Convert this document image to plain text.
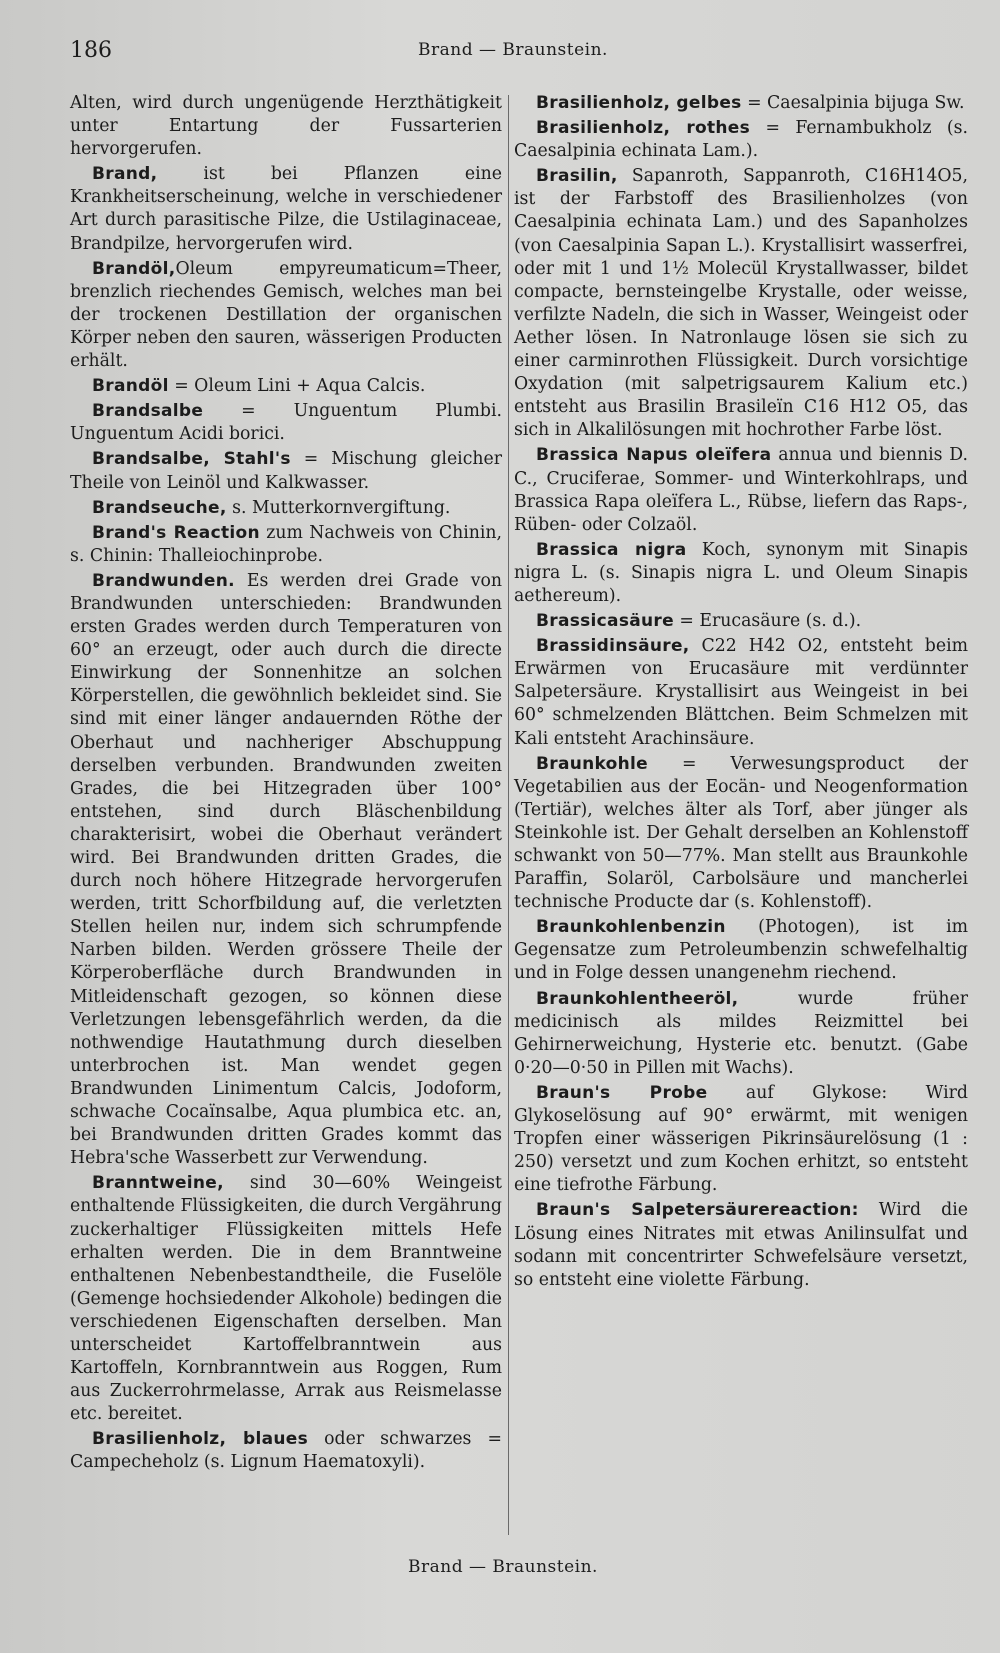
186	Brand — Braunstein.

Alten, wird durch ungenügende Herzthätigkeit unter Entartung der Fussarterien hervorgerufen.

Brand, ist bei Pflanzen eine Krankheitserscheinung, welche in verschiedener Art durch parasitische Pilze, die Ustilaginaceae, Brandpilze, hervorgerufen wird.

Brandöl,Oleum empyreumaticum=Theer, brenzlich riechendes Gemisch, welches man bei der trockenen Destillation der organischen Körper neben den sauren, wässerigen Producten erhält.

Brandöl = Oleum Lini + Aqua Calcis.

Brandsalbe = Unguentum Plumbi. Unguentum Acidi borici.

Brandsalbe, Stahl's = Mischung gleicher Theile von Leinöl und Kalkwasser.

Brandseuche, s. Mutterkornvergiftung.

Brand's Reaction zum Nachweis von Chinin, s. Chinin: Thalleiochinprobe.

Brandwunden. Es werden drei Grade von Brandwunden unterschieden: Brandwunden ersten Grades werden durch Temperaturen von 60° an erzeugt, oder auch durch die directe Einwirkung der Sonnenhitze an solchen Körperstellen, die gewöhnlich bekleidet sind. Sie sind mit einer länger andauernden Röthe der Oberhaut und nachheriger Abschuppung derselben verbunden. Brandwunden zweiten Grades, die bei Hitzegraden über 100° entstehen, sind durch Bläschenbildung charakterisirt, wobei die Oberhaut verändert wird. Bei Brandwunden dritten Grades, die durch noch höhere Hitzegrade hervorgerufen werden, tritt Schorfbildung auf, die verletzten Stellen heilen nur, indem sich schrumpfende Narben bilden. Werden grössere Theile der Körperoberfläche durch Brandwunden in Mitleidenschaft gezogen, so können diese Verletzungen lebensgefährlich werden, da die nothwendige Hautathmung durch dieselben unterbrochen ist. Man wendet gegen Brandwunden Linimentum Calcis, Jodoform, schwache Cocaïnsalbe, Aqua plumbica etc. an, bei Brandwunden dritten Grades kommt das Hebra'sche Wasserbett zur Verwendung.

Branntweine, sind 30—60% Weingeist enthaltende Flüssigkeiten, die durch Vergährung zuckerhaltiger Flüssigkeiten mittels Hefe erhalten werden. Die in dem Branntweine enthaltenen Nebenbestandtheile, die Fuselöle (Gemenge hochsiedender Alkohole) bedingen die verschiedenen Eigenschaften derselben. Man unterscheidet Kartoffelbranntwein aus Kartoffeln, Kornbranntwein aus Roggen, Rum aus Zuckerrohrmelasse, Arrak aus Reismelasse etc. bereitet.

Brasilienholz, blaues oder schwarzes = Campecheholz (s. Lignum Haematoxyli).

Brasilienholz, gelbes = Caesalpinia bijuga Sw.

Brasilienholz, rothes = Fernambukholz (s. Caesalpinia echinata Lam.).

Brasilin, Sapanroth, Sappanroth, C16H14O5, ist der Farbstoff des Brasilienholzes (von Caesalpinia echinata Lam.) und des Sapanholzes (von Caesalpinia Sapan L.). Krystallisirt wasserfrei, oder mit 1 und 1½ Molecül Krystallwasser, bildet compacte, bernsteingelbe Krystalle, oder weisse, verfilzte Nadeln, die sich in Wasser, Weingeist oder Aether lösen. In Natronlauge lösen sie sich zu einer carminrothen Flüssigkeit. Durch vorsichtige Oxydation (mit salpetrigsaurem Kalium etc.) entsteht aus Brasilin Brasileïn C16 H12 O5, das sich in Alkalilösungen mit hochrother Farbe löst.

Brassica Napus oleïfera annua und biennis D. C., Cruciferae, Sommer- und Winterkohlraps, und Brassica Rapa oleïfera L., Rübse, liefern das Raps-, Rüben- oder Colzaöl.

Brassica nigra Koch, synonym mit Sinapis nigra L. (s. Sinapis nigra L. und Oleum Sinapis aethereum).

Brassicasäure = Erucasäure (s. d.).

Brassidinsäure, C22 H42 O2, entsteht beim Erwärmen von Erucasäure mit verdünnter Salpetersäure. Krystallisirt aus Weingeist in bei 60° schmelzenden Blättchen. Beim Schmelzen mit Kali entsteht Arachinsäure.

Braunkohle = Verwesungsproduct der Vegetabilien aus der Eocän- und Neogenformation (Tertiär), welches älter als Torf, aber jünger als Steinkohle ist. Der Gehalt derselben an Kohlenstoff schwankt von 50—77%. Man stellt aus Braunkohle Paraffin, Solaröl, Carbolsäure und mancherlei technische Producte dar (s. Kohlenstoff).

Braunkohlenbenzin (Photogen), ist im Gegensatze zum Petroleumbenzin schwefelhaltig und in Folge dessen unangenehm riechend.

Braunkohlentheeröl, wurde früher medicinisch als mildes Reizmittel bei Gehirnerweichung, Hysterie etc. benutzt. (Gabe 0·20—0·50 in Pillen mit Wachs).

Braun's Probe auf Glykose: Wird Glykoselösung auf 90° erwärmt, mit wenigen Tropfen einer wässerigen Pikrinsäurelösung (1 : 250) versetzt und zum Kochen erhitzt, so entsteht eine tiefrothe Färbung.

Braun's Salpetersäurereaction: Wird die Lösung eines Nitrates mit etwas Anilinsulfat und sodann mit concentrirter Schwefelsäure versetzt, so entsteht eine violette Färbung.

Brand — Braunstein.
